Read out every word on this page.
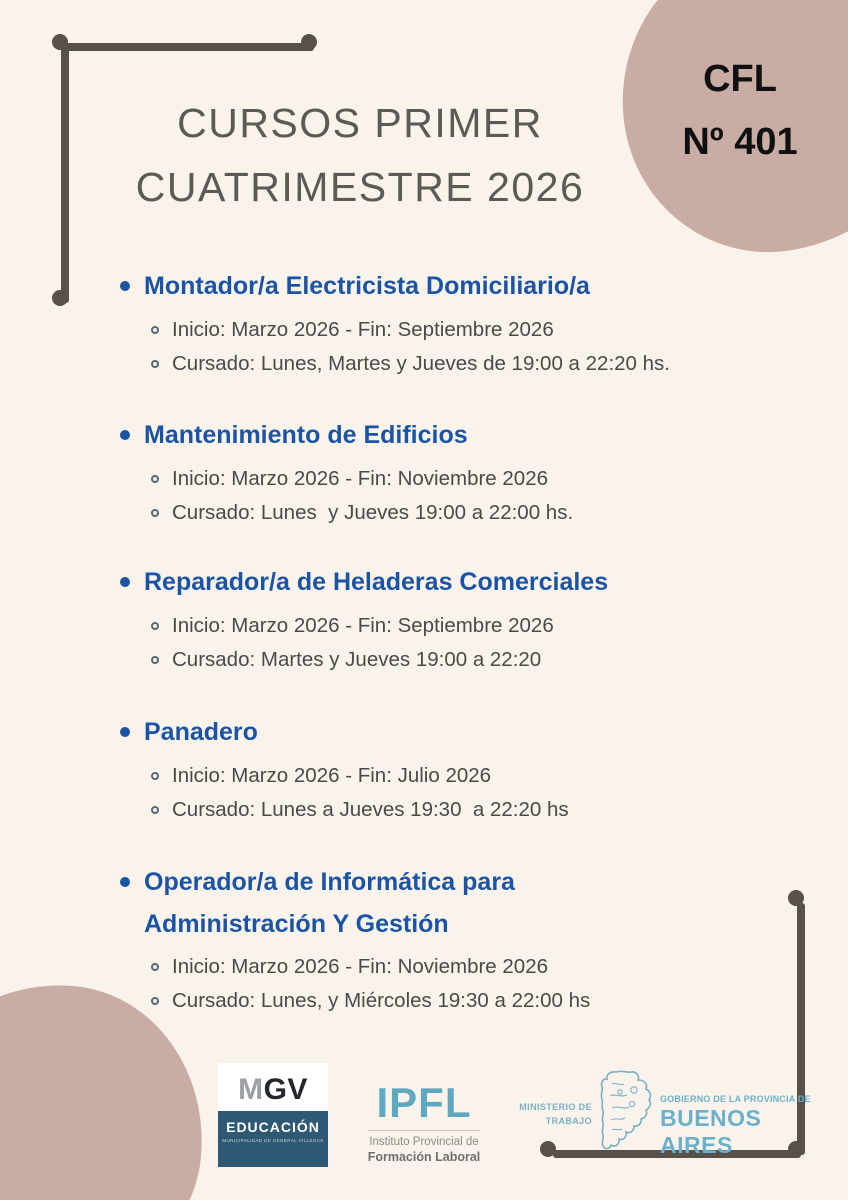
CURSOS PRIMER
CUATRIMESTRE 2026
CFL
Nº 401
Montador/a Electricista Domiciliario/a
Inicio: Marzo 2026 - Fin: Septiembre 2026
Cursado: Lunes, Martes y Jueves de 19:00 a 22:20 hs.
Mantenimiento de Edificios
Inicio: Marzo 2026 - Fin: Noviembre 2026
Cursado: Lunes  y Jueves 19:00 a 22:00 hs.
Reparador/a de Heladeras Comerciales
Inicio: Marzo 2026 - Fin: Septiembre 2026
Cursado: Martes y Jueves 19:00 a 22:20
Panadero
Inicio: Marzo 2026 - Fin: Julio 2026
Cursado: Lunes a Jueves 19:30  a 22:20 hs
Operador/a de Informática para Administración Y Gestión
Inicio: Marzo 2026 - Fin: Noviembre 2026
Cursado: Lunes, y Miércoles 19:30 a 22:00 hs
MGV
EDUCACIÓN
MUNICIPALIDAD DE GENERAL VILLEGAS
IPFL
Instituto Provincial de
Formación Laboral
MINISTERIO DE
TRABAJO
GOBIERNO DE LA PROVINCIA DE
BUENOS AIRES
